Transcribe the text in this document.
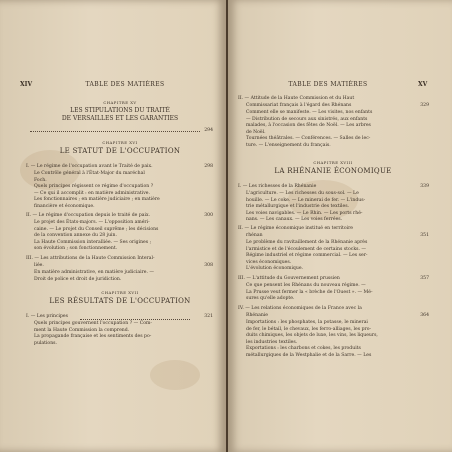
XIV	TABLE DES MATIÈRES
CHAPITRE XV
LES STIPULATIONS DU TRAITÉ
DE VERSAILLES ET LES GARANTIES
294
CHAPITRE XVI
LE STATUT DE L'OCCUPATION
I. — Le régime de l'occupation avant le Traité de paix.	298
Le Contrôle général à l'État-Major du maréchal
Foch.
Quels principes régissent ce régime d'occupation ?
— Ce qui il accomplit : en matière administrative.
Les fonctionnaires ; en matière judiciaire ; en matière
financière et économique.
II. — Le régime d'occupation depuis le traité de paix.	300
Le projet des États-majors. — L'opposition améri-
caine. — Le projet du Conseil suprême ; les décisions
de la convention annexe du 28 juin.
La Haute Commission interalliée. — Ses origines ;
son évolution ; son fonctionnement.
III. — Les attributions de la Haute Commission Interal-
liée.	308
En matière administrative, en matière judiciaire. —
Droit de police et droit de juridiction.
CHAPITRE XVII
LES RÉSULTATS DE L'OCCUPATION
I. — Les principes	321
Quels principes gouvernent l'occupation ? — Com-
ment la Haute Commission la comprend.
La propagande française et les sentiments des po-
pulations.
TABLE DES MATIÈRES	XV
II. — Attitude de la Haute Commission et du Haut
Commissariat français à l'égard des Rhénans	329
Comment elle se manifeste. — Les visites, nos enfants
— Distribution de secours aux sinistrés, aux enfants
malades, à l'occasion des fêtes de Noël. — Les arbres
de Noël.
Tournées théâtrales. — Conférences. — Salles de lec-
ture. — L'enseignement du français.
CHAPITRE XVIII
LA RHÉNANIE ÉCONOMIQUE
I. — Les richesses de la Rhénanie	339
L'agriculture. — Les richesses du sous-sol. — Le
houille. — Le coke. — Le minerai de fer. — L'indus-
trie métallurgique et l'industrie des textiles.
Les voies navigables. — Le Rhin. — Les ports rhé-
nans. — Les canaux. — Les voies ferrées.
II. — Le régime économique institué en territoire
rhénan	351
Le problème du ravitaillement de la Rhénanie après
l'armistice et de l'écoulement de certains stocks. —
Régime industriel et régime commercial. — Les ser-
vices économiques.
L'évolution économique.
III. — L'attitude du Gouvernement prussien	357
Ce que pensent les Rhénans du nouveau régime. —
La Prusse veut fermer la « brèche de l'Ouest ». — Mé-
sures qu'elle adopte.
IV. — Les relations économiques de la France avec la
Rhénanie	364
Importations : les phosphates, la potasse, le minerai
de fer, le bétail, le chevaux, les ferro-alliages, les pro-
duits chimiques, les objets de luxe, les vins, les liqueurs,
les industries textiles.
Exportations : les charbons et cokes, les produits
métallurgiques de la Westphalie et de la Sarre. — Les
